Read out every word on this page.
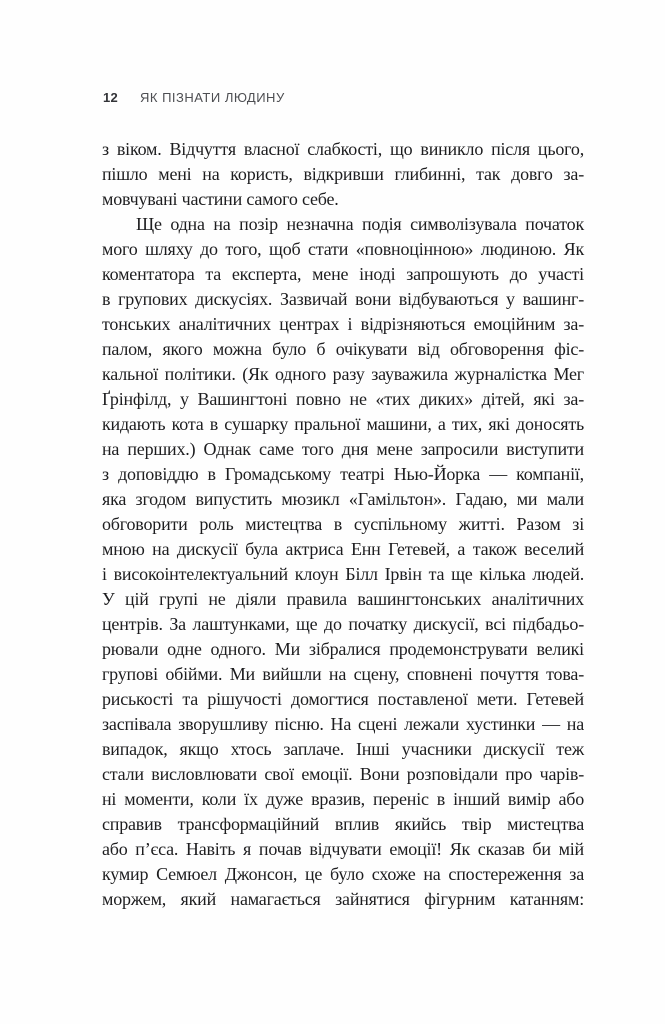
12	ЯК ПІЗНАТИ ЛЮДИНУ
з віком. Відчуття власної слабкості, що виникло після цього,
пішло мені на користь, відкривши глибинні, так довго за-
мовчувані частини самого себе.
Ще одна на позір незначна подія символізувала початок
мого шляху до того, щоб стати «повноцінною» людиною. Як
коментатора та експерта, мене іноді запрошують до участі
в групових дискусіях. Зазвичай вони відбуваються у вашинг-
тонських аналітичних центрах і відрізняються емоційним за-
палом, якого можна було б очікувати від обговорення фіс-
кальної політики. (Як одного разу зауважила журналістка Мег
Ґрінфілд, у Вашингтоні повно не «тих диких» дітей, які за-
кидають кота в сушарку пральної машини, а тих, які доносять
на перших.) Однак саме того дня мене запросили виступити
з доповіддю в Громадському театрі Нью-Йорка — компанії,
яка згодом випустить мюзикл «Гамільтон». Гадаю, ми мали
обговорити роль мистецтва в суспільному житті. Разом зі
мною на дискусії була актриса Енн Гетевей, а також веселий
і високоінтелектуальний клоун Білл Ірвін та ще кілька людей.
У цій групі не діяли правила вашингтонських аналітичних
центрів. За лаштунками, ще до початку дискусії, всі підбадьо-
рювали одне одного. Ми зібралися продемонструвати великі
групові обійми. Ми вийшли на сцену, сповнені почуття това-
риськості та рішучості домогтися поставленої мети. Гетевей
заспівала зворушливу пісню. На сцені лежали хустинки — на
випадок, якщо хтось заплаче. Інші учасники дискусії теж
стали висловлювати свої емоції. Вони розповідали про чарів-
ні моменти, коли їх дуже вразив, переніс в інший вимір або
справив трансформаційний вплив якийсь твір мистецтва
або п’єса. Навіть я почав відчувати емоції! Як сказав би мій
кумир Семюел Джонсон, це було схоже на спостереження за
моржем, який намагається зайнятися фігурним катанням:
